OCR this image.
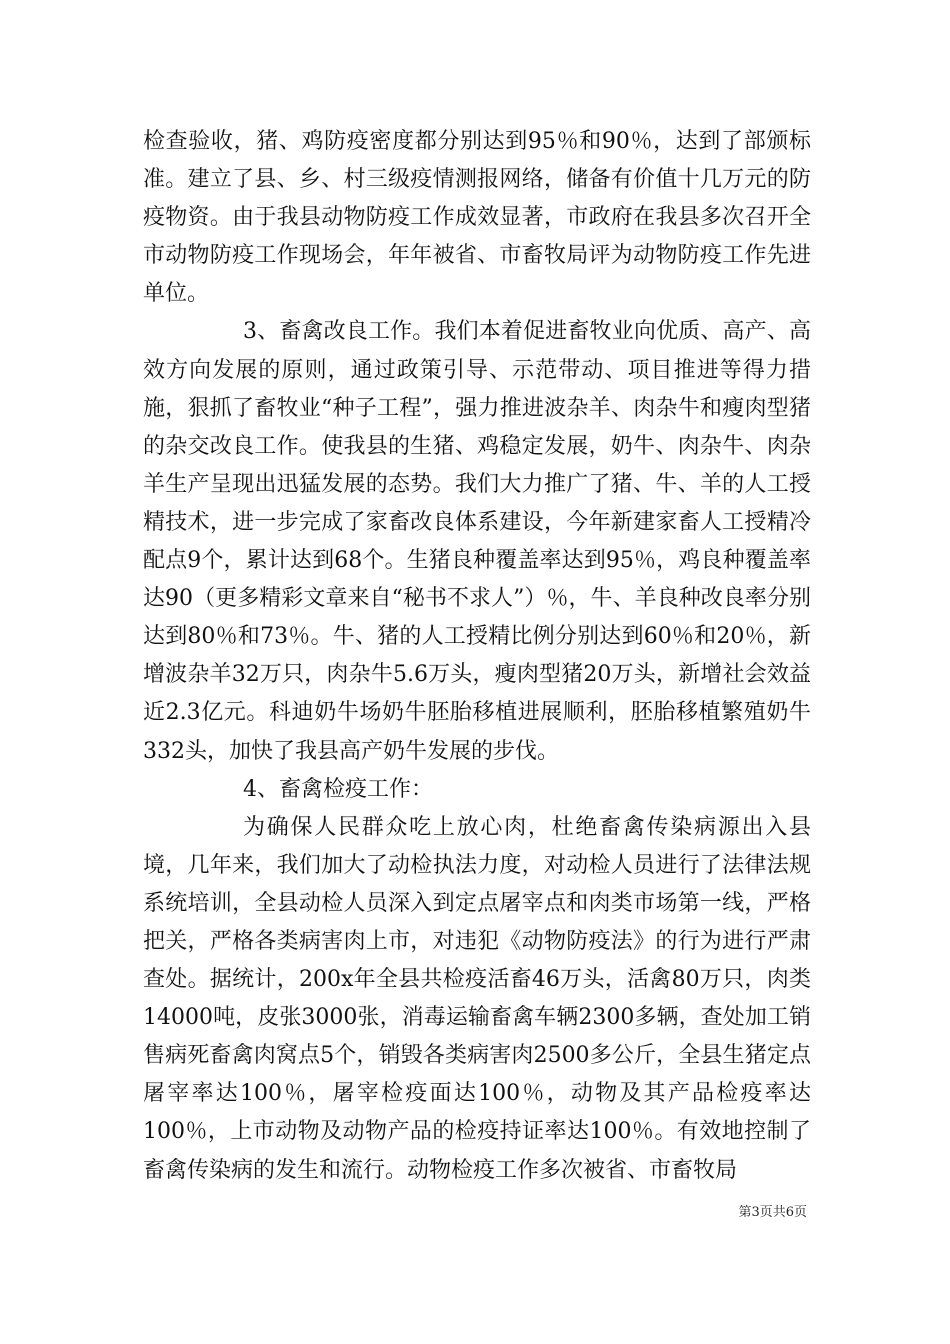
检查验收，猪、鸡防疫密度都分别达到95％和90％，达到了部颁标准。建立了县、乡、村三级疫情测报网络，储备有价值十几万元的防疫物资。由于我县动物防疫工作成效显著，市政府在我县多次召开全市动物防疫工作现场会，年年被省、市畜牧局评为动物防疫工作先进单位。

3、畜禽改良工作。我们本着促进畜牧业向优质、高产、高效方向发展的原则，通过政策引导、示范带动、项目推进等得力措施，狠抓了畜牧业“种子工程”，强力推进波杂羊、肉杂牛和瘦肉型猪的杂交改良工作。使我县的生猪、鸡稳定发展，奶牛、肉杂牛、肉杂羊生产呈现出迅猛发展的态势。我们大力推广了猪、牛、羊的人工授精技术，进一步完成了家畜改良体系建设，今年新建家畜人工授精冷配点9个，累计达到68个。生猪良种覆盖率达到95％，鸡良种覆盖率达90（更多精彩文章来自“秘书不求人”）％，牛、羊良种改良率分别达到80％和73％。牛、猪的人工授精比例分别达到60％和20％，新增波杂羊32万只，肉杂牛5.6万头，瘦肉型猪20万头，新增社会效益近2.3亿元。科迪奶牛场奶牛胚胎移植进展顺利，胚胎移植繁殖奶牛332头，加快了我县高产奶牛发展的步伐。

4、畜禽检疫工作：

为确保人民群众吃上放心肉，杜绝畜禽传染病源出入县境，几年来，我们加大了动检执法力度，对动检人员进行了法律法规系统培训，全县动检人员深入到定点屠宰点和肉类市场第一线，严格把关，严格各类病害肉上市，对违犯《动物防疫法》的行为进行严肃查处。据统计，200x年全县共检疫活畜46万头，活禽80万只，肉类14000吨，皮张3000张，消毒运输畜禽车辆2300多辆，查处加工销售病死畜禽肉窝点5个，销毁各类病害肉2500多公斤，全县生猪定点屠宰率达100％，屠宰检疫面达100％，动物及其产品检疫率达100％，上市动物及动物产品的检疫持证率达100％。有效地控制了畜禽传染病的发生和流行。动物检疫工作多次被省、市畜牧局

第3页共6页
